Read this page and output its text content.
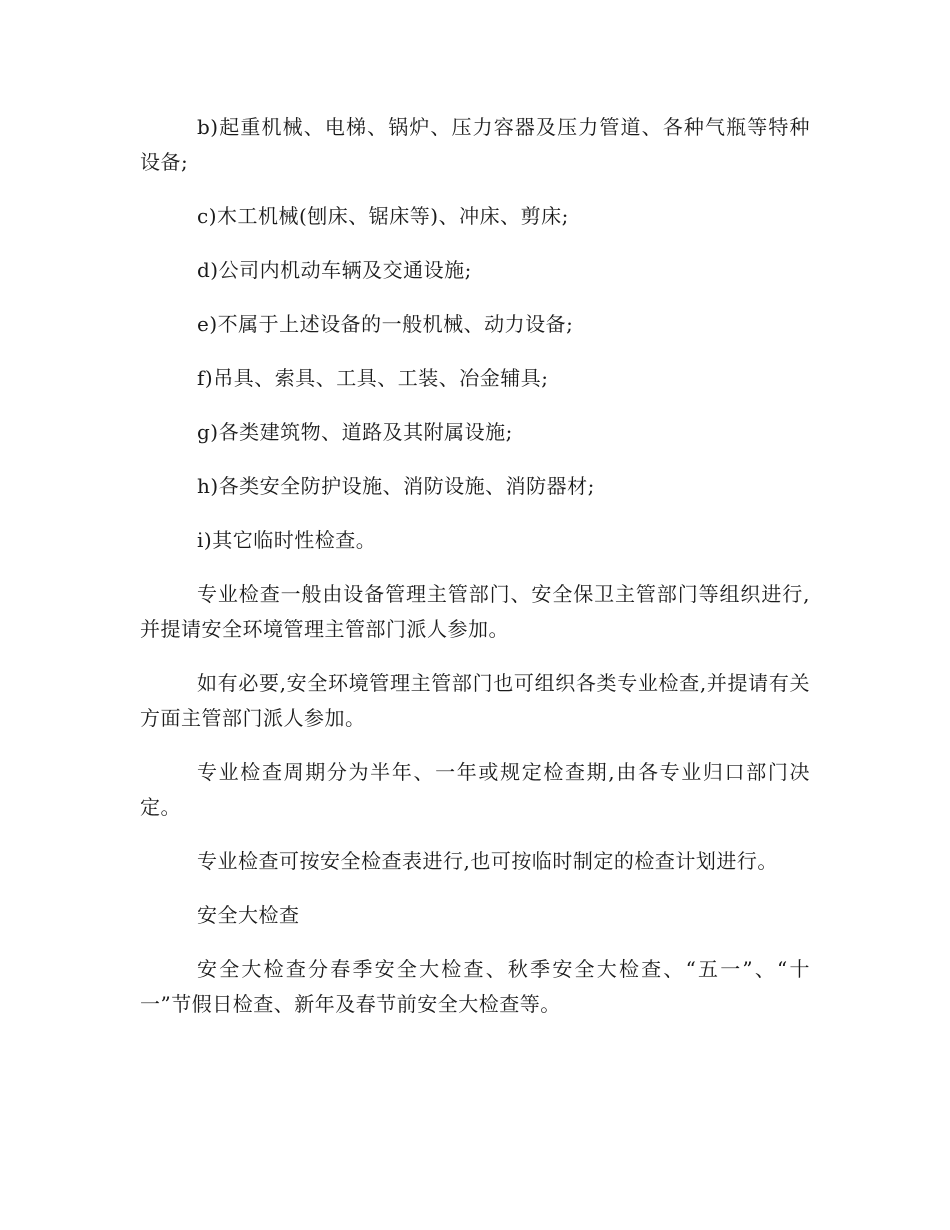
b)起重机械、电梯、锅炉、压力容器及压力管道、各种气瓶等特种设备;

c)木工机械(刨床、锯床等)、冲床、剪床;

d)公司内机动车辆及交通设施;

e)不属于上述设备的一般机械、动力设备;

f)吊具、索具、工具、工装、冶金辅具;

g)各类建筑物、道路及其附属设施;

h)各类安全防护设施、消防设施、消防器材;

i)其它临时性检查。

专业检查一般由设备管理主管部门、安全保卫主管部门等组织进行,并提请安全环境管理主管部门派人参加。

如有必要,安全环境管理主管部门也可组织各类专业检查,并提请有关方面主管部门派人参加。

专业检查周期分为半年、一年或规定检查期,由各专业归口部门决定。

专业检查可按安全检查表进行,也可按临时制定的检查计划进行。

安全大检查

安全大检查分春季安全大检查、秋季安全大检查、“五一”、“十一”节假日检查、新年及春节前安全大检查等。
